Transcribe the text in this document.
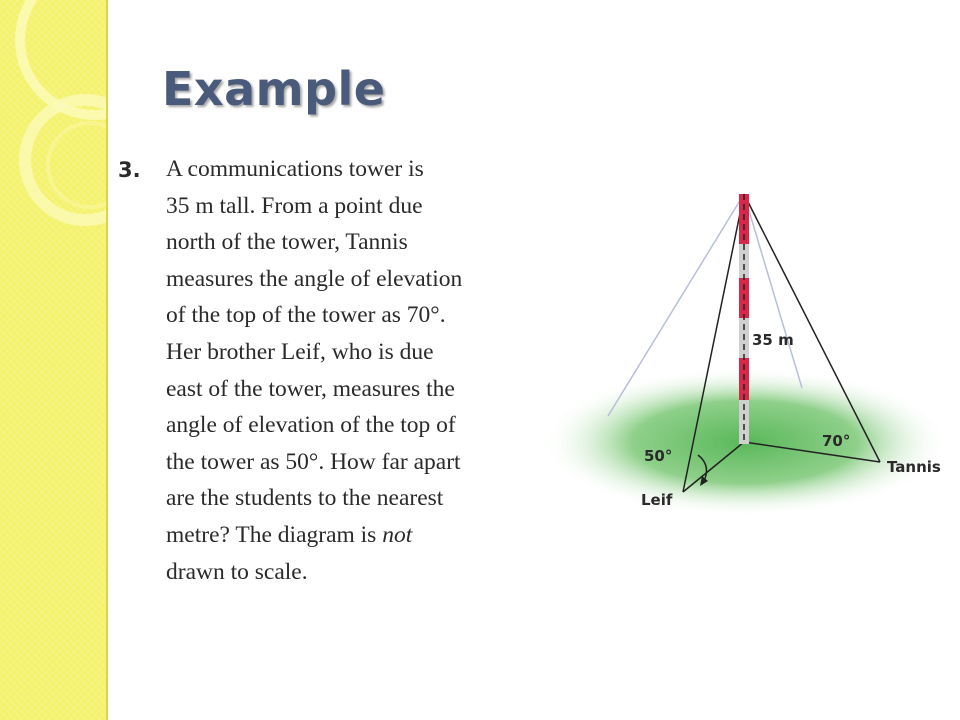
Example
3. A communications tower is
35 m tall. From a point due
north of the tower, Tannis
measures the angle of elevation
of the top of the tower as 70°.
Her brother Leif, who is due
east of the tower, measures the
angle of elevation of the top of
the tower as 50°. How far apart
are the students to the nearest
metre? The diagram is not
drawn to scale.
35 m
50°
70°
Leif
Tannis
